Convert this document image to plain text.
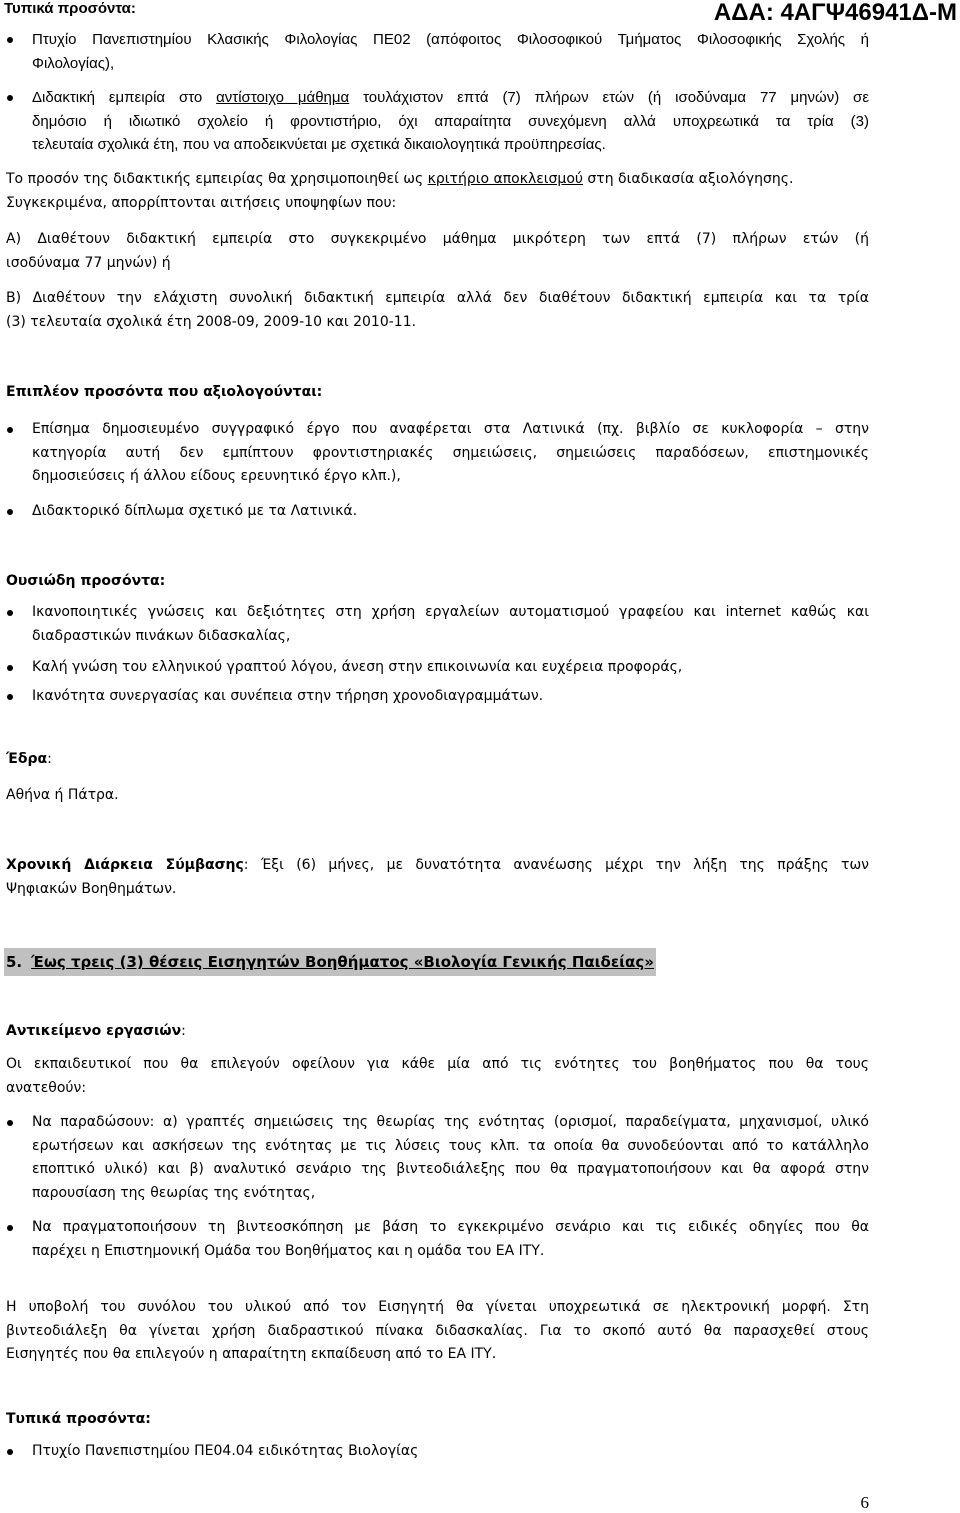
Τυπικά προσόντα:	ΑΔΑ: 4ΑΓΨ46941Δ-Μ
Πτυχίο Πανεπιστημίου Κλασικής Φιλολογίας ΠΕ02 (απόφοιτος Φιλοσοφικού Τμήματος Φιλοσοφικής Σχολής ή
Φιλολογίας),
Διδακτική εμπειρία στο αντίστοιχο μάθημα τουλάχιστον επτά (7) πλήρων ετών (ή ισοδύναμα 77 μηνών) σε
δημόσιο ή ιδιωτικό σχολείο ή φροντιστήριο, όχι απαραίτητα συνεχόμενη αλλά υποχρεωτικά τα τρία (3)
τελευταία σχολικά έτη, που να αποδεικνύεται με σχετικά δικαιολογητικά προϋπηρεσίας.
Το προσόν της διδακτικής εμπειρίας θα χρησιμοποιηθεί ως κριτήριο αποκλεισμού στη διαδικασία αξιολόγησης.
Συγκεκριμένα, απορρίπτονται αιτήσεις υποψηφίων που:
Α) Διαθέτουν διδακτική εμπειρία στο συγκεκριμένο μάθημα μικρότερη των επτά (7) πλήρων ετών (ή
ισοδύναμα 77 μηνών) ή
Β) Διαθέτουν την ελάχιστη συνολική διδακτική εμπειρία αλλά δεν διαθέτουν διδακτική εμπειρία και τα τρία
(3) τελευταία σχολικά έτη 2008-09, 2009-10 και 2010-11.
Επιπλέον προσόντα που αξιολογούνται:
Επίσημα δημοσιευμένο συγγραφικό έργο που αναφέρεται στα Λατινικά (πχ. βιβλίο σε κυκλοφορία – στην
κατηγορία αυτή δεν εμπίπτουν φροντιστηριακές σημειώσεις, σημειώσεις παραδόσεων, επιστημονικές
δημοσιεύσεις ή άλλου είδους ερευνητικό έργο κλπ.),
Διδακτορικό δίπλωμα σχετικό με τα Λατινικά.
Ουσιώδη προσόντα:
Ικανοποιητικές γνώσεις και δεξιότητες στη χρήση εργαλείων αυτοματισμού γραφείου και internet καθώς και
διαδραστικών πινάκων διδασκαλίας,
Καλή γνώση του ελληνικού γραπτού λόγου, άνεση στην επικοινωνία και ευχέρεια προφοράς,
Ικανότητα συνεργασίας και συνέπεια στην τήρηση χρονοδιαγραμμάτων.
Έδρα:
Αθήνα ή Πάτρα.
Χρονική Διάρκεια Σύμβασης: Έξι (6) μήνες, με δυνατότητα ανανέωσης μέχρι την λήξη της πράξης των
Ψηφιακών Βοηθημάτων.
5. Έως τρεις (3) θέσεις Εισηγητών Βοηθήματος «Βιολογία Γενικής Παιδείας»
Αντικείμενο εργασιών:
Οι εκπαιδευτικοί που θα επιλεγούν οφείλουν για κάθε μία από τις ενότητες του βοηθήματος που θα τους
ανατεθούν:
Να παραδώσουν: α) γραπτές σημειώσεις της θεωρίας της ενότητας (ορισμοί, παραδείγματα, μηχανισμοί, υλικό
ερωτήσεων και ασκήσεων της ενότητας με τις λύσεις τους κλπ. τα οποία θα συνοδεύονται από το κατάλληλο
εποπτικό υλικό) και β) αναλυτικό σενάριο της βιντεοδιάλεξης που θα πραγματοποιήσουν και θα αφορά στην
παρουσίαση της θεωρίας της ενότητας,
Να πραγματοποιήσουν τη βιντεοσκόπηση με βάση το εγκεκριμένο σενάριο και τις ειδικές οδηγίες που θα
παρέχει η Επιστημονική Ομάδα του Βοηθήματος και η ομάδα του ΕΑ ΙΤΥ.
Η υποβολή του συνόλου του υλικού από τον Εισηγητή θα γίνεται υποχρεωτικά σε ηλεκτρονική μορφή. Στη
βιντεοδιάλεξη θα γίνεται χρήση διαδραστικού πίνακα διδασκαλίας. Για το σκοπό αυτό θα παρασχεθεί στους
Εισηγητές που θα επιλεγούν η απαραίτητη εκπαίδευση από το ΕΑ ΙΤΥ.
Τυπικά προσόντα:
Πτυχίο Πανεπιστημίου ΠΕ04.04 ειδικότητας Βιολογίας
6
